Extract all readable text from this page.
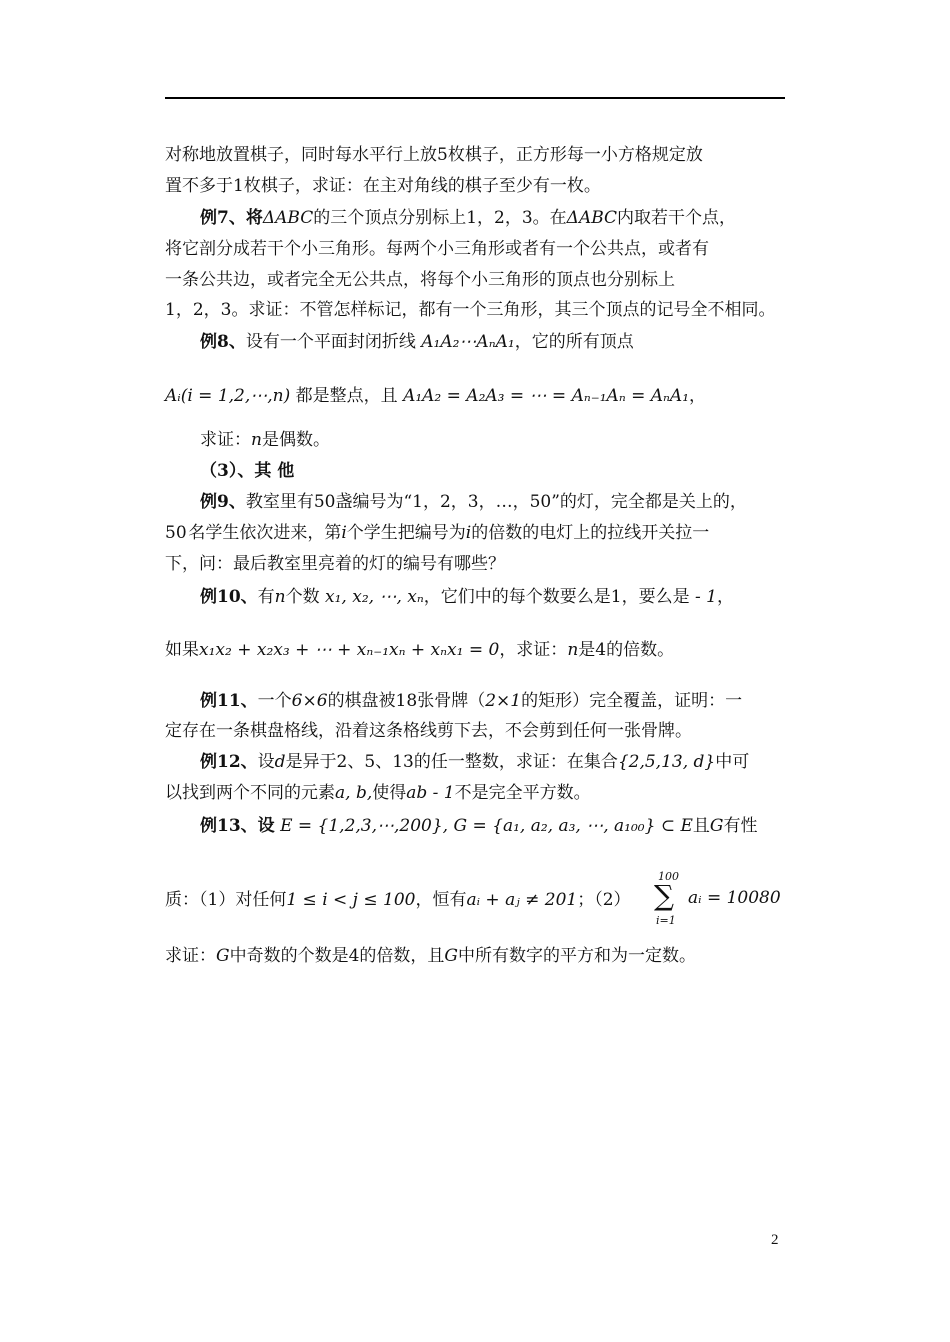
对称地放置棋子，同时每水平行上放5枚棋子，正方形每一小方格规定放
置不多于1枚棋子，求证：在主对角线的棋子至少有一枚。
例7、将ΔABC的三个顶点分别标上1，2，3。在ΔABC内取若干个点，
将它剖分成若干个小三角形。每两个小三角形或者有一个公共点，或者有
一条公共边，或者完全无公共点，将每个小三角形的顶点也分别标上
1，2，3。求证：不管怎样标记，都有一个三角形，其三个顶点的记号全不相同。
例8、设有一个平面封闭折线 A₁A₂⋯AₙA₁，它的所有顶点
Aᵢ(i = 1,2,⋯,n) 都是整点，且 A₁A₂ = A₂A₃ = ⋯ = Aₙ₋₁Aₙ = AₙA₁，
求证：n是偶数。
（3）、其 他
例9、教室里有50盏编号为“1，2，3，…，50”的灯，完全都是关上的，
50  名学生依次进来，第i个学生把编号为i的倍数的电灯上的拉线开关拉一
下，问：最后教室里亮着的灯的编号有哪些？
例10、有n个数 x₁, x₂, ⋯, xₙ，它们中的每个数要么是1，要么是 - 1，
如果x₁x₂ + x₂x₃ + ⋯ + xₙ₋₁xₙ + xₙx₁ = 0，求证：n是4的倍数。
例11、一个6×6的棋盘被18张骨牌（2×1的矩形）完全覆盖，证明：一
定存在一条棋盘格线，沿着这条格线剪下去，不会剪到任何一张骨牌。
例12、设d是异于2、5、13的任一整数，求证：在集合{2,5,13, d}中可
以找到两个不同的元素a, b,使得ab - 1不是完全平方数。
例13、设 E = {1,2,3,⋯,200}, G = {a₁, a₂, a₃, ⋯, a₁₀₀} ⊂ E且G有性
质：（1）对任何1 ≤ i < j ≤ 100，恒有aᵢ + aⱼ ≠ 201；（2）
100
∑
i=1
aᵢ = 10080
求证：G中奇数的个数是4的倍数，且G中所有数字的平方和为一定数。
2
